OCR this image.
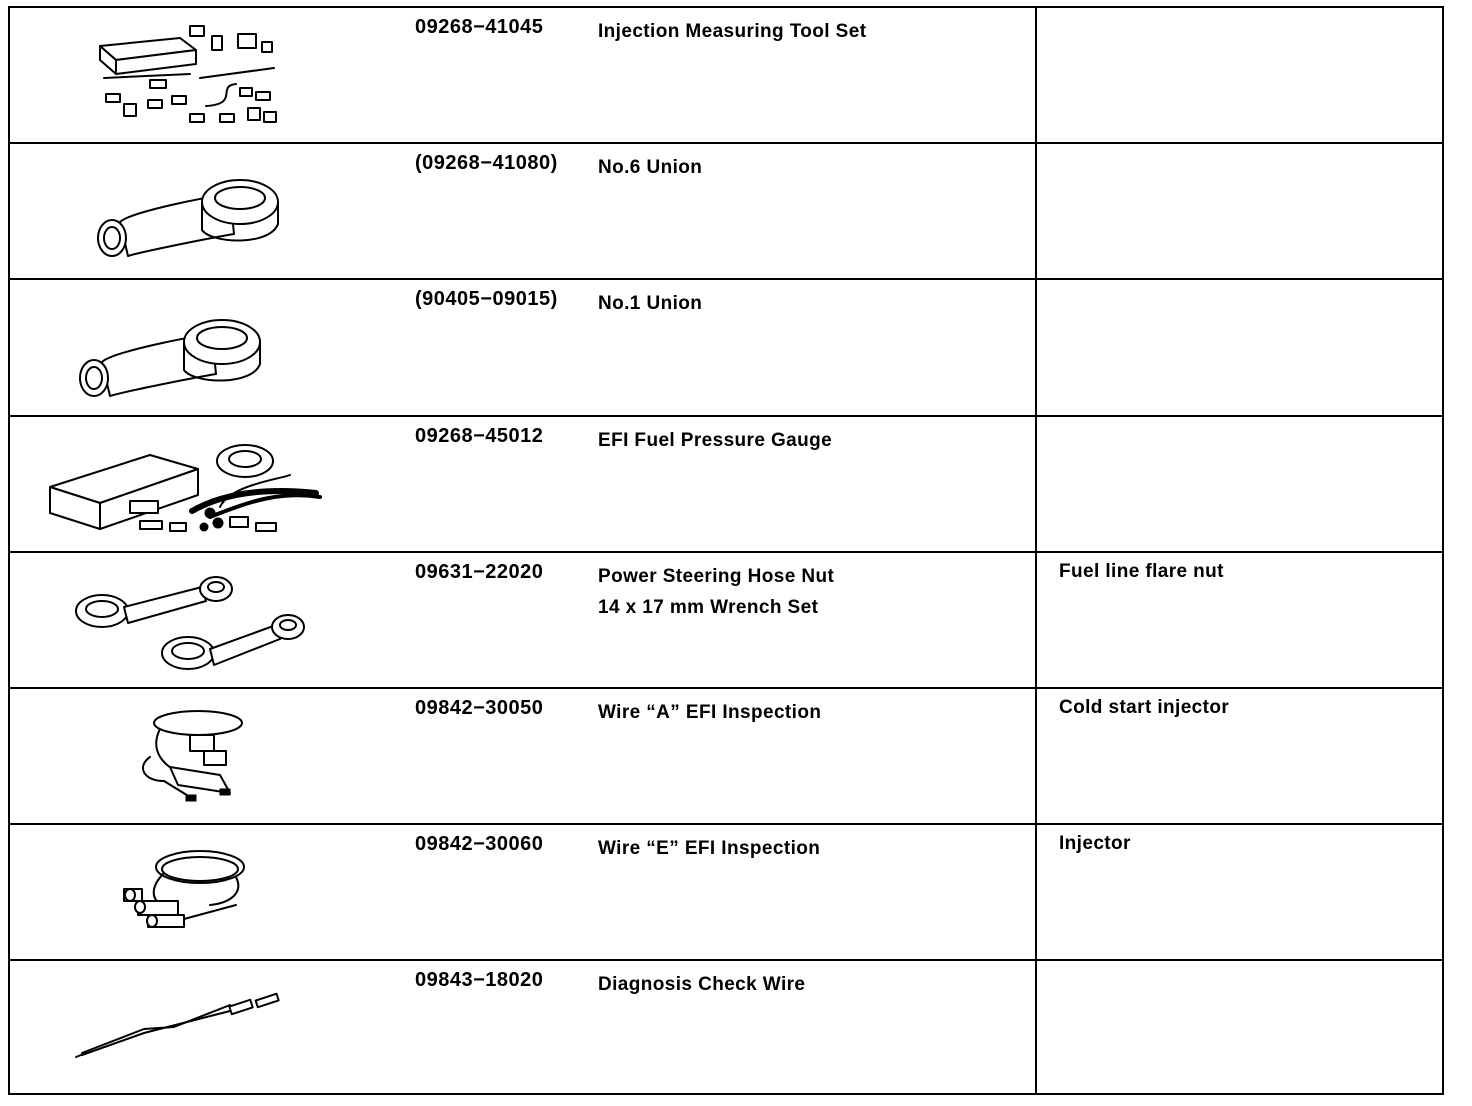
09268−41045 Injection Measuring Tool Set	

(09268−41080) No.6 Union	

(90405−09015) No.1 Union	

09268−45012 EFI Fuel Pressure Gauge	

09631−22020 Power Steering Hose Nut
14 x 17 mm Wrench Set	Fuel line flare nut

09842−30050 Wire “A” EFI Inspection	Cold start injector

09842−30060 Wire “E” EFI Inspection	Injector

09843−18020 Diagnosis Check Wire	
